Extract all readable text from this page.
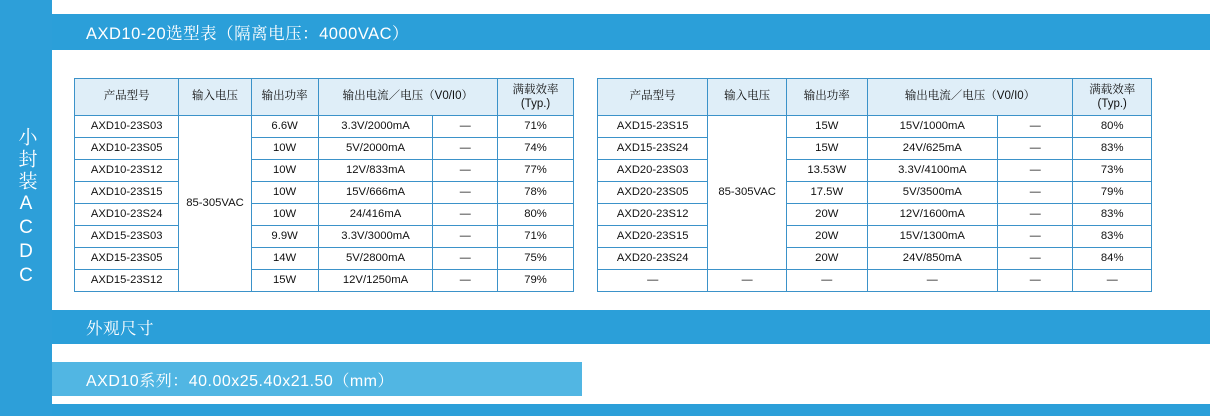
小封装ACDC
AXD10-20选型表（隔离电压：4000VAC）
产品型号	输入电压	输出功率	输出电流／电压（V0/I0）		满载效率
(Typ.)

AXD10-23S03	85-305VAC	6.6W	3.3V/2000mA	—	71%
AXD10-23S05		10W	5V/2000mA	—	74%
AXD10-23S12		10W	12V/833mA	—	77%
AXD10-23S15		10W	15V/666mA	—	78%
AXD10-23S24		10W	24/416mA	—	80%
AXD15-23S03		9.9W	3.3V/3000mA	—	71%
AXD15-23S05		14W	5V/2800mA	—	75%
AXD15-23S12		15W	12V/1250mA	—	79%
产品型号	输入电压	输出功率	输出电流／电压（V0/I0）		满载效率
(Typ.)

AXD15-23S15	85-305VAC	15W	15V/1000mA	—	80%
AXD15-23S24		15W	24V/625mA	—	83%
AXD20-23S03		13.53W	3.3V/4100mA	—	73%
AXD20-23S05		17.5W	5V/3500mA	—	79%
AXD20-23S12		20W	12V/1600mA	—	83%
AXD20-23S15		20W	15V/1300mA	—	83%
AXD20-23S24		20W	24V/850mA	—	84%
—	—	—	—	—	—
外观尺寸
AXD10系列：40.00x25.40x21.50（mm）
